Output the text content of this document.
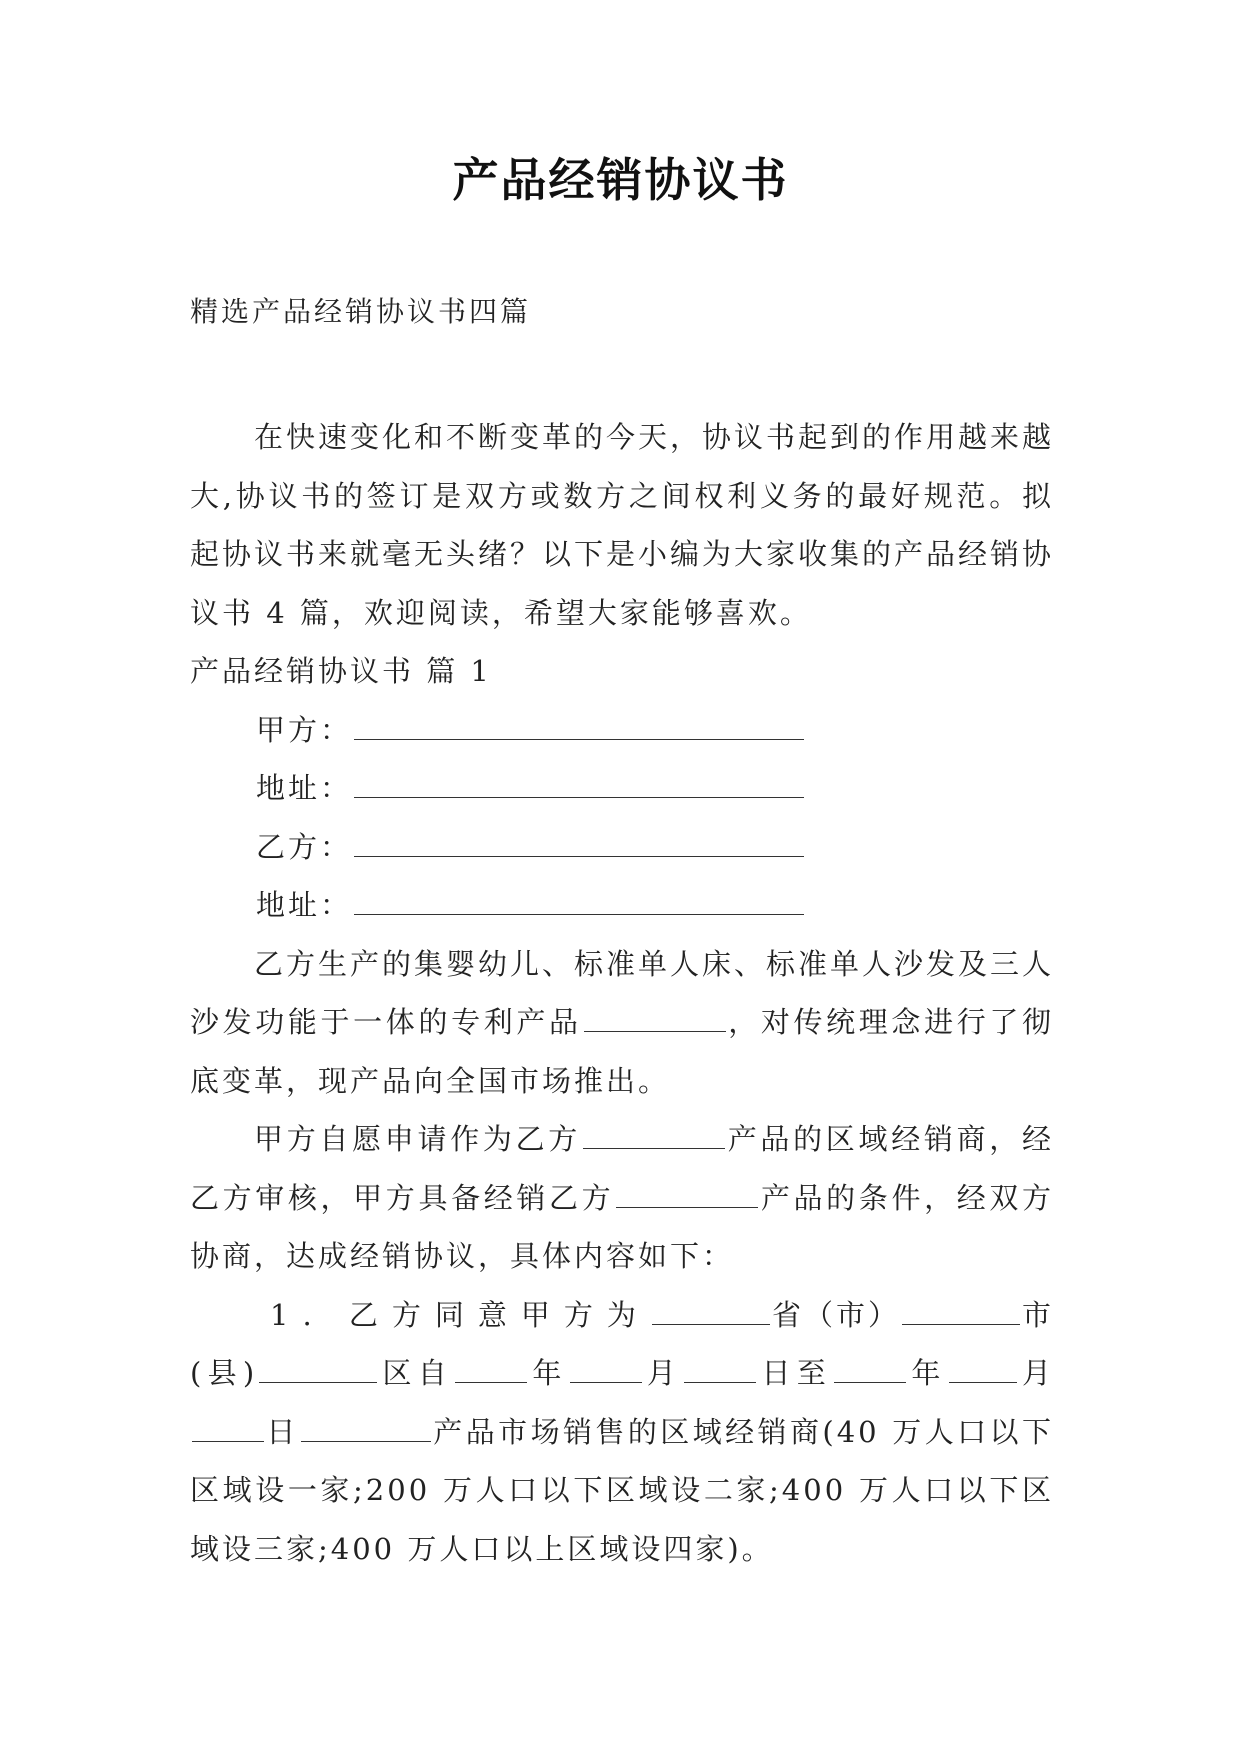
产品经销协议书
精选产品经销协议书四篇

在快速变化和不断变革的今天，协议书起到的作用越来越大,协议书的签订是双方或数方之间权利义务的最好规范。拟起协议书来就毫无头绪？以下是小编为大家收集的产品经销协议书 4 篇，欢迎阅读，希望大家能够喜欢。

产品经销协议书 篇 1

甲方：

地址：

乙方：

地址：

乙方生产的集婴幼儿、标准单人床、标准单人沙发及三人沙发功能于一体的专利产品	，对传统理念进行了彻底变革，现产品向全国市场推出。

甲方自愿申请作为乙方	产品的区域经销商，经乙方审核，甲方具备经销乙方	产品的条件，经双方协商，达成经销协议，具体内容如下：

1. 乙方同意甲方为	省（市）	市(县)	区自	年	月	日至	年 月日	产品市场销售的区域经销商(40 万人口以下区域设一家;200 万人口以下区域设二家;400 万人口以下区域设三家;400 万人口以上区域设四家)。
